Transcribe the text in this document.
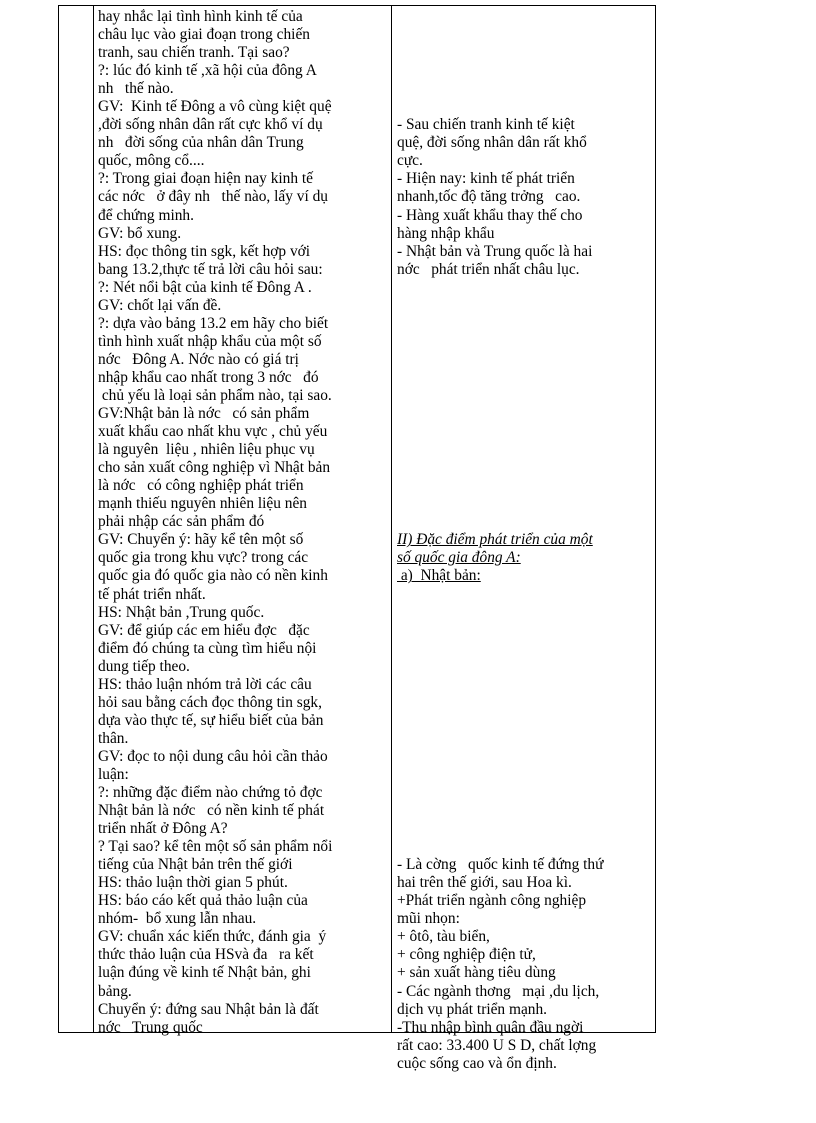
hay nhắc lại tình hình kinh tế của
châu lục vào giai đoạn trong chiến
tranh, sau chiến tranh. Tại sao?
?: lúc đó kinh tế ,xã hội của đông A
nh   thế nào.
GV:  Kinh tế Đông a vô cùng kiệt quệ
,đời sống nhân dân rất cực khổ ví dụ
nh   đời sống của nhân dân Trung
quốc, mông cổ....
?: Trong giai đoạn hiện nay kinh tế
các nớc   ở đây nh   thế nào, lấy ví dụ
để chứng minh.
GV: bổ xung.
HS: đọc thông tin sgk, kết hợp với
bang 13.2,thực tế trả lời câu hỏi sau:
?: Nét nổi bật của kinh tế Đông A .
GV: chốt lại vấn đề.
?: dựa vào bảng 13.2 em hãy cho biết
tình hình xuất nhập khẩu của một số
nớc   Đông A. Nớc nào có giá trị
nhập khẩu cao nhất trong 3 nớc   đó
chủ yếu là loại sản phẩm nào, tại sao.
GV:Nhật bản là nớc   có sản phẩm
xuất khẩu cao nhất khu vực , chủ yếu
là nguyên  liệu , nhiên liệu phục vụ
cho sản xuất công nghiệp vì Nhật bản
là nớc   có công nghiệp phát triển
mạnh thiếu nguyên nhiên liệu nên
phải nhập các sản phẩm đó
GV: Chuyển ý: hãy kể tên một số
quốc gia trong khu vực? trong các
quốc gia đó quốc gia nào có nền kinh
tế phát triển nhất.
HS: Nhật bản ,Trung quốc.
GV: để giúp các em hiểu đợc   đặc
điểm đó chúng ta cùng tìm hiểu nội
dung tiếp theo.
HS: thảo luận nhóm trả lời các câu
hỏi sau bằng cách đọc thông tin sgk,
dựa vào thực tế, sự hiểu biết của bản
thân.
GV: đọc to nội dung câu hỏi cần thảo
luận:
?: những đặc điểm nào chứng tỏ đợc
Nhật bản là nớc   có nền kinh tế phát
triển nhất ở Đông A?
? Tại sao? kể tên một số sản phẩm nổi
tiếng của Nhật bản trên thế giới
HS: thảo luận thời gian 5 phút.
HS: báo cáo kết quả thảo luận của
nhóm-  bổ xung lẫn nhau.
GV: chuẩn xác kiến thức, đánh gia  ý
thức thảo luận của HSvà đa   ra kết
luận đúng về kinh tế Nhật bản, ghi
bảng.
Chuyển ý: đứng sau Nhật bản là đất
nớc   Trung quốc
- Sau chiến tranh kinh tế kiệt
quệ, đời sống nhân dân rất khổ
cực.
- Hiện nay: kinh tế phát triển
nhanh,tốc độ tăng trởng   cao.
- Hàng xuất khẩu thay thế cho
hàng nhập khẩu
- Nhật bản và Trung quốc là hai
nớc   phát triển nhất châu lục.
II) Đặc điểm phát triển của một
số quốc gia đông A:
a)  Nhật bản:
- Là cờng   quốc kinh tế đứng thứ
hai trên thế giới, sau Hoa kì.
+Phát triển ngành công nghiệp
mũi nhọn:
+ ôtô, tàu biển,
+ công nghiệp điện tử,
+ sản xuất hàng tiêu dùng
- Các ngành thơng   mại ,du lịch,
dịch vụ phát triển mạnh.
-Thu nhập bình quân đầu ngời
rất cao: 33.400 U S D, chất lợng
cuộc sống cao và ổn định.
